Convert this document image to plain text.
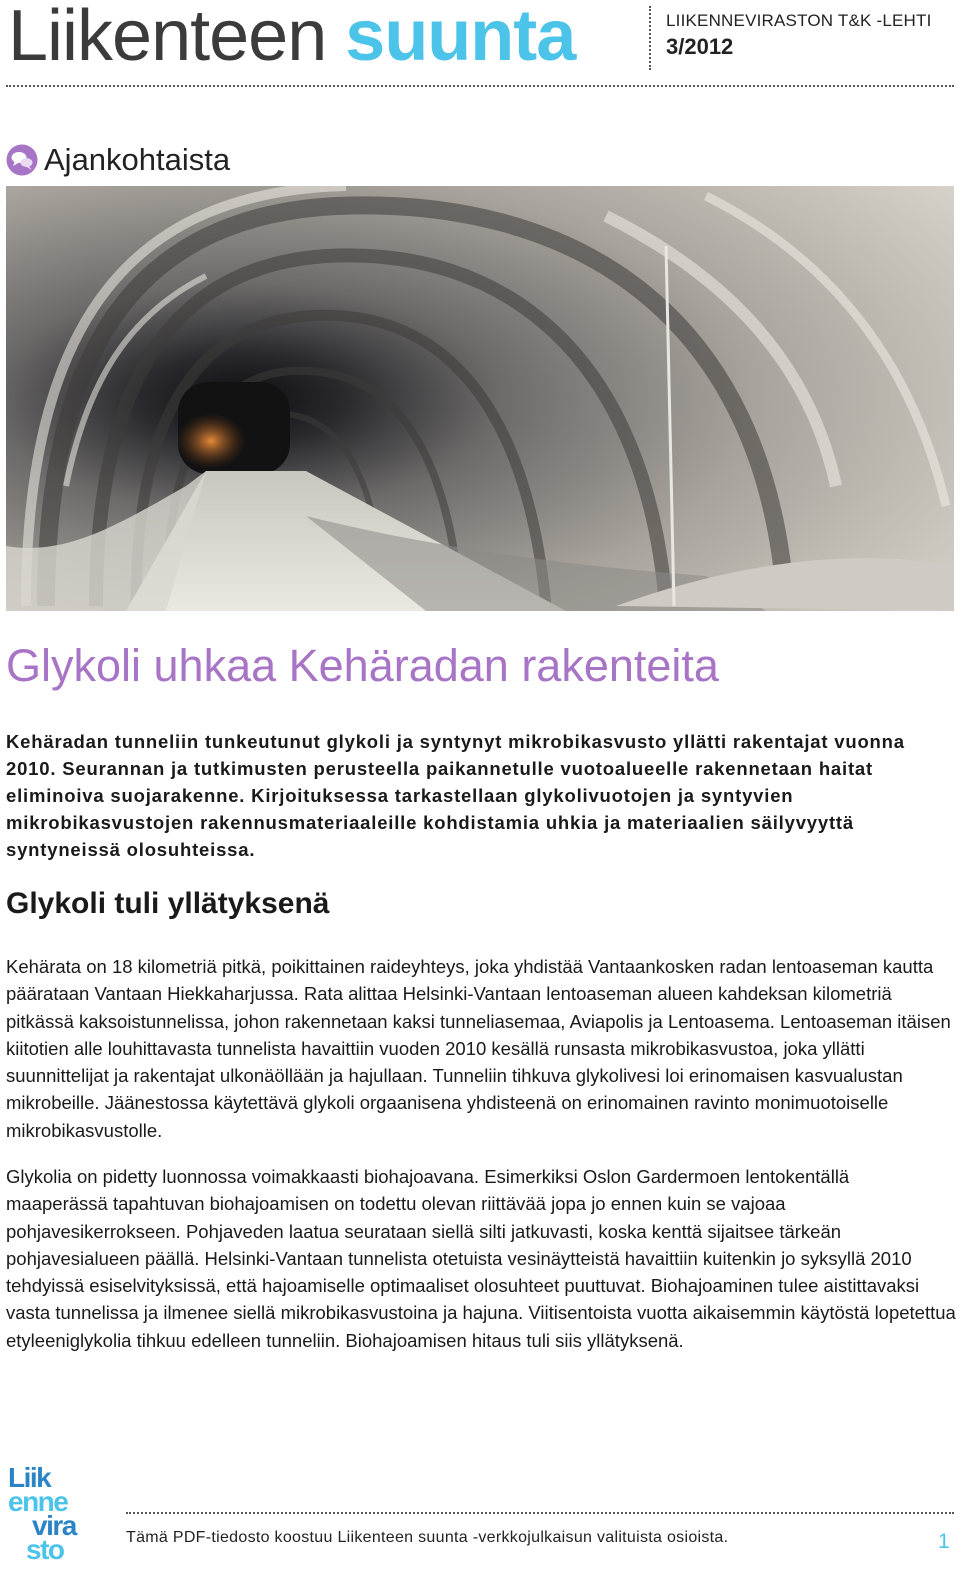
Liikenteen suunta	LIIKENNEVIRASTON T&K -LEHTI
3/2012
Ajankohtaista
Glykoli uhkaa Kehäradan rakenteita

Kehäradan tunneliin tunkeutunut glykoli ja syntynyt mikrobikasvusto yllätti rakentajat vuonna 2010. Seurannan ja tutkimusten perusteella paikannetulle vuotoalueelle rakennetaan haitat eliminoiva suojarakenne. Kirjoituksessa tarkastellaan glykolivuotojen ja syntyvien mikrobikasvustojen rakennusmateriaaleille kohdistamia uhkia ja materiaalien säilyvyyttä syntyneissä olosuhteissa.

Glykoli tuli yllätyksenä

Kehärata on 18 kilometriä pitkä, poikittainen raideyhteys, joka yhdistää Vantaankosken radan lentoaseman kautta päärataan Vantaan Hiekkaharjussa. Rata alittaa Helsinki-Vantaan lentoaseman alueen kahdeksan kilometriä pitkässä kaksoistunnelissa, johon rakennetaan kaksi tunneliasemaa, Aviapolis ja Lentoasema. Lentoaseman itäisen kiitotien alle louhittavasta tunnelista havaittiin vuoden 2010 kesällä runsasta mikrobikasvustoa, joka yllätti suunnittelijat ja rakentajat ulkonäöllään ja hajullaan. Tunneliin tihkuva glykolivesi loi erinomaisen kasvualustan mikrobeille. Jäänestossa käytettävä glykoli orgaanisena yhdisteenä on erinomainen ravinto monimuotoiselle mikrobikasvustolle.

Glykolia on pidetty luonnossa voimakkaasti biohajoavana. Esimerkiksi Oslon Gardermoen lentokentällä maaperässä tapahtuvan biohajoamisen on todettu olevan riittävää jopa jo ennen kuin se vajoaa pohjavesikerrokseen. Pohjaveden laatua seurataan siellä silti jatkuvasti, koska kenttä sijaitsee tärkeän pohjavesialueen päällä. Helsinki-Vantaan tunnelista otetuista vesinäytteistä havaittiin kuitenkin jo syksyllä 2010 tehdyissä esiselvityksissä, että hajoamiselle optimaaliset olosuhteet puuttuvat. Biohajoaminen tulee aistittavaksi vasta tunnelissa ja ilmenee siellä mikrobikasvustoina ja hajuna. Viitisentoista vuotta aikaisemmin käytöstä lopetettua etyleeniglykolia tihkuu edelleen tunneliin. Biohajoamisen hitaus tuli siis yllätyksenä.

Liik
enne
vira
sto	Tämä PDF-tiedosto koostuu Liikenteen suunta -verkkojulkaisun valituista osioista.	1
